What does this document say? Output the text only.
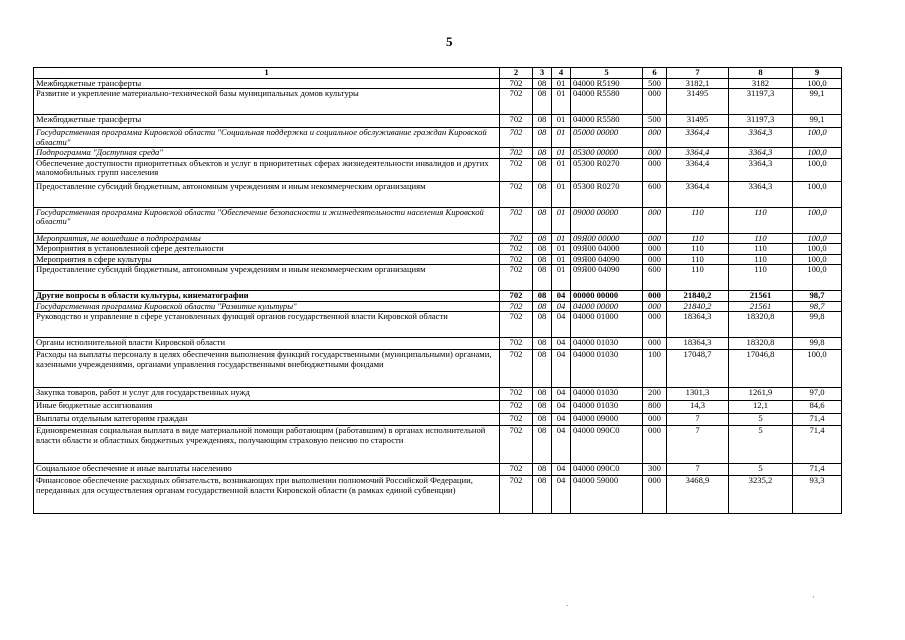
5
1	2	3	4	5	6	7	8	9
Межбюджетные трансферты	702	08	01	04000 R5190	500	3182,1	3182	100,0
Развитие и укрепление материально-технической базы муниципальных домов культуры	702	08	01	04000 R5580	000	31495	31197,3	99,1
Межбюджетные трансферты	702	08	01	04000 R5580	500	31495	31197,3	99,1
Государственная программа Кировской области "Социальная поддержка и социальное обслуживание граждан Кировской области"	702	08	01	05000 00000	000	3364,4	3364,3	100,0
Подпрограмма "Доступная среда"	702	08	01	05300 00000	000	3364,4	3364,3	100,0
Обеспечение доступности приоритетных объектов и услуг в приоритетных сферах жизнедеятельности инвалидов и других маломобильных групп населения	702	08	01	05300 R0270	000	3364,4	3364,3	100,0
Предоставление субсидий бюджетным, автономным учреждениям и иным некоммерческим организациям	702	08	01	05300 R0270	600	3364,4	3364,3	100,0
Государственная программа Кировской области "Обеспечение безопасности и жизнедеятельности населения Кировской области"	702	08	01	09000 00000	000	110	110	100,0
Мероприятия, не вошедшие в подпрограммы	702	08	01	09Я00 00000	000	110	110	100,0
Мероприятия в установленной сфере деятельности	702	08	01	09Я00 04000	000	110	110	100,0
Мероприятия в сфере культуры	702	08	01	09Я00 04090	000	110	110	100,0
Предоставление субсидий бюджетным, автономным учреждениям и иным некоммерческим организациям	702	08	01	09Я00 04090	600	110	110	100,0
Другие вопросы в области культуры, кинематографии	702	08	04	00000 00000	000	21840,2	21561	98,7
Государственная программа Кировской области "Развитие культуры"	702	08	04	04000 00000	000	21840,2	21561	98,7
Руководство и управление в сфере установленных функций органов государственной власти Кировской области	702	08	04	04000 01000	000	18364,3	18320,8	99,8
Органы исполнительной власти Кировской области	702	08	04	04000 01030	000	18364,3	18320,8	99,8
Расходы на выплаты персоналу в целях обеспечения выполнения функций государственными (муниципальными) органами, казенными учреждениями, органами управления государственными внебюджетными фондами	702	08	04	04000 01030	100	17048,7	17046,8	100,0
Закупка товаров, работ и услуг для государственных нужд	702	08	04	04000 01030	200	1301,3	1261,9	97,0
Иные бюджетные ассигнования	702	08	04	04000 01030	800	14,3	12,1	84,6
Выплаты отдельным категориям граждан	702	08	04	04000 09000	000	7	5	71,4
Единовременная социальная выплата в виде материальной помощи работающим (работавшим) в органах исполнительной власти области и областных бюджетных учреждениях, получающим страховую пенсию по старости	702	08	04	04000 090С0	000	7	5	71,4
Социальное обеспечение и иные выплаты населению	702	08	04	04000 090С0	300	7	5	71,4
Финансовое обеспечение расходных обязательств, возникающих при выполнении полномочий Российской Федерации, переданных для осуществления органам государственной власти Кировской области (в рамках единой субвенции)	702	08	04	04000 59000	000	3468,9	3235,2	93,3
.
·
